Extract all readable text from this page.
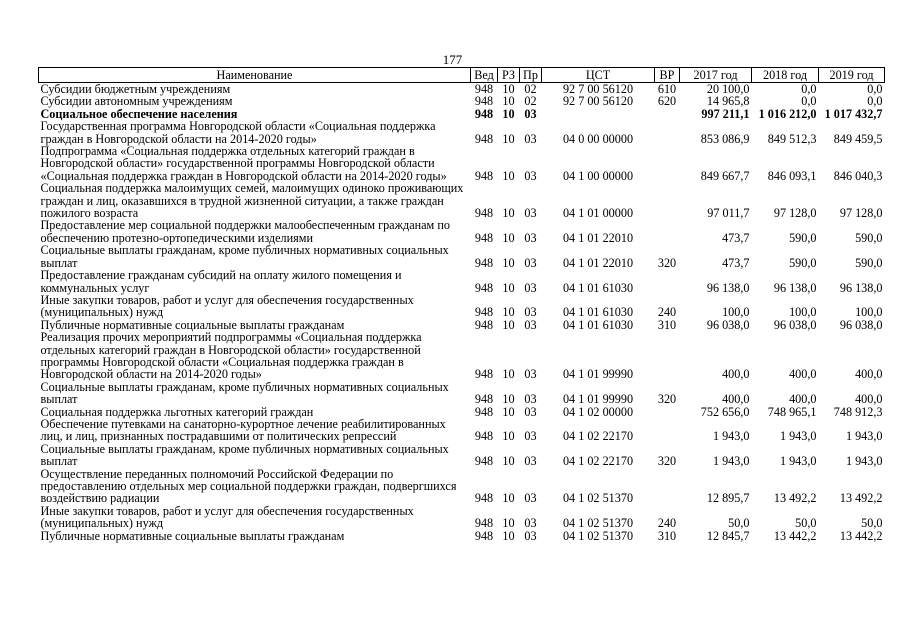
177
Наименование	Вед	РЗ	Пр	ЦСТ	ВР	2017 год	2018 год	2019 год
Субсидии бюджетным учреждениям	948	10	02	92 7 00 56120	610	20 100,0	0,0	0,0
Субсидии автономным учреждениям	948	10	02	92 7 00 56120	620	14 965,8	0,0	0,0
Социальное обеспечение населения	948	10	03			997 211,1	1 016 212,0	1 017 432,7
Государственная программа Новгородской области «Социальная поддержка граждан в Новгородской области на 2014-2020 годы»	948	10	03	04 0 00 00000		853 086,9	849 512,3	849 459,5
Подпрограмма «Социальная поддержка отдельных категорий граждан в Новгородской области» государственной программы Новгородской области «Социальная поддержка граждан в Новгородской области на 2014-2020 годы»	948	10	03	04 1 00 00000		849 667,7	846 093,1	846 040,3
Социальная поддержка малоимущих семей, малоимущих одиноко проживающих граждан и лиц, оказавшихся в трудной жизненной ситуации, а также граждан пожилого возраста	948	10	03	04 1 01 00000		97 011,7	97 128,0	97 128,0
Предоставление мер социальной поддержки малообеспеченным гражданам по обеспечению протезно-ортопедическими изделиями	948	10	03	04 1 01 22010		473,7	590,0	590,0
Социальные выплаты гражданам, кроме публичных нормативных социальных выплат	948	10	03	04 1 01 22010	320	473,7	590,0	590,0
Предоставление гражданам субсидий на оплату жилого помещения и коммунальных услуг	948	10	03	04 1 01 61030		96 138,0	96 138,0	96 138,0
Иные закупки товаров, работ и услуг для обеспечения государственных (муниципальных) нужд	948	10	03	04 1 01 61030	240	100,0	100,0	100,0
Публичные нормативные социальные выплаты гражданам	948	10	03	04 1 01 61030	310	96 038,0	96 038,0	96 038,0
Реализация прочих мероприятий подпрограммы «Социальная поддержка отдельных категорий граждан в Новгородской области» государственной программы Новгородской области «Социальная поддержка граждан в Новгородской области на 2014-2020 годы»	948	10	03	04 1 01 99990		400,0	400,0	400,0
Социальные выплаты гражданам, кроме публичных нормативных социальных выплат	948	10	03	04 1 01 99990	320	400,0	400,0	400,0
Социальная поддержка льготных категорий граждан	948	10	03	04 1 02 00000		752 656,0	748 965,1	748 912,3
Обеспечение путевками на санаторно-курортное лечение реабилитированных лиц, и лиц, признанных пострадавшими от политических репрессий	948	10	03	04 1 02 22170		1 943,0	1 943,0	1 943,0
Социальные выплаты гражданам, кроме публичных нормативных социальных выплат	948	10	03	04 1 02 22170	320	1 943,0	1 943,0	1 943,0
Осуществление переданных полномочий Российской Федерации по предоставлению отдельных мер социальной поддержки граждан, подвергшихся воздействию радиации	948	10	03	04 1 02 51370		12 895,7	13 492,2	13 492,2
Иные закупки товаров, работ и услуг для обеспечения государственных (муниципальных) нужд	948	10	03	04 1 02 51370	240	50,0	50,0	50,0
Публичные нормативные социальные выплаты гражданам	948	10	03	04 1 02 51370	310	12 845,7	13 442,2	13 442,2
